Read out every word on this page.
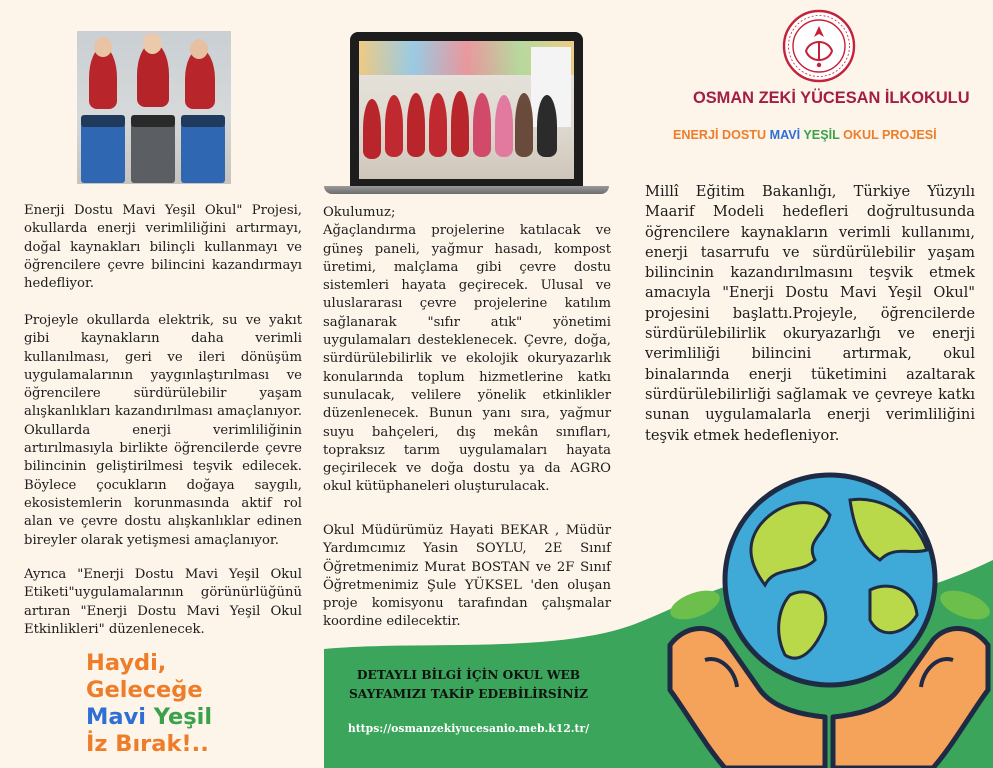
Enerji Dostu Mavi Yeşil Okul" Projesi, okullarda enerji verimliliğini artırmayı, doğal kaynakları bilinçli kullanmayı ve öğrencilere çevre bilincini kazandırmayı hedefliyor.
Projeyle okullarda elektrik, su ve yakıt gibi kaynakların daha verimli kullanılması, geri ve ileri dönüşüm uygulamalarının yaygınlaştırılması ve öğrencilere sürdürülebilir yaşam alışkanlıkları kazandırılması amaçlanıyor. Okullarda enerji verimliliğinin artırılmasıyla birlikte öğrencilerde çevre bilincinin geliştirilmesi teşvik edilecek. Böylece çocukların doğaya saygılı, ekosistemlerin korunmasında aktif rol alan ve çevre dostu alışkanlıklar edinen bireyler olarak yetişmesi amaçlanıyor.
Ayrıca "Enerji Dostu Mavi Yeşil Okul Etiketi"uygulamalarının görünürlüğünü artıran "Enerji Dostu Mavi Yeşil Okul Etkinlikleri" düzenlenecek.
Haydi,
Geleceğe
Mavi Yeşil
İz Bırak!..
Okulumuz;
Ağaçlandırma projelerine katılacak ve güneş paneli, yağmur hasadı, kompost üretimi, malçlama gibi çevre dostu sistemleri hayata geçirecek. Ulusal ve uluslararası çevre projelerine katılım sağlanarak "sıfır atık" yönetimi uygulamaları desteklenecek. Çevre, doğa, sürdürülebilirlik ve ekolojik okuryazarlık konularında toplum hizmetlerine katkı sunulacak, velilere yönelik etkinlikler düzenlenecek. Bunun yanı sıra, yağmur suyu bahçeleri, dış mekân sınıfları, topraksız tarım uygulamaları hayata geçirilecek ve doğa dostu ya da AGRO okul kütüphaneleri oluşturulacak.
Okul Müdürümüz Hayati BEKAR , Müdür Yardımcımız Yasin SOYLU, 2E Sınıf Öğretmenimiz Murat BOSTAN ve 2F Sınıf Öğretmenimiz Şule YÜKSEL 'den oluşan proje komisyonu tarafından çalışmalar koordine edilecektir.
DETAYLI BİLGİ İÇİN OKUL WEB
SAYFAMIZI TAKİP EDEBİLİRSİNİZ
https://osmanzekiyucesanio.meb.k12.tr/
OSMAN ZEKİ YÜCESAN İLKOKULU
ENERJİ DOSTU MAVİ YEŞİL OKUL PROJESİ
Millî Eğitim Bakanlığı, Türkiye Yüzyılı Maarif Modeli hedefleri doğrultusunda öğrencilere kaynakların verimli kullanımı, enerji tasarrufu ve sürdürülebilir yaşam bilincinin kazandırılmasını teşvik etmek amacıyla "Enerji Dostu Mavi Yeşil Okul" projesini başlattı.Projeyle, öğrencilerde sürdürülebilirlik okuryazarlığı ve enerji verimliliği bilincini artırmak, okul binalarında enerji tüketimini azaltarak sürdürülebilirliği sağlamak ve çevreye katkı sunan uygulamalarla enerji verimliliğini teşvik etmek hedefleniyor.
